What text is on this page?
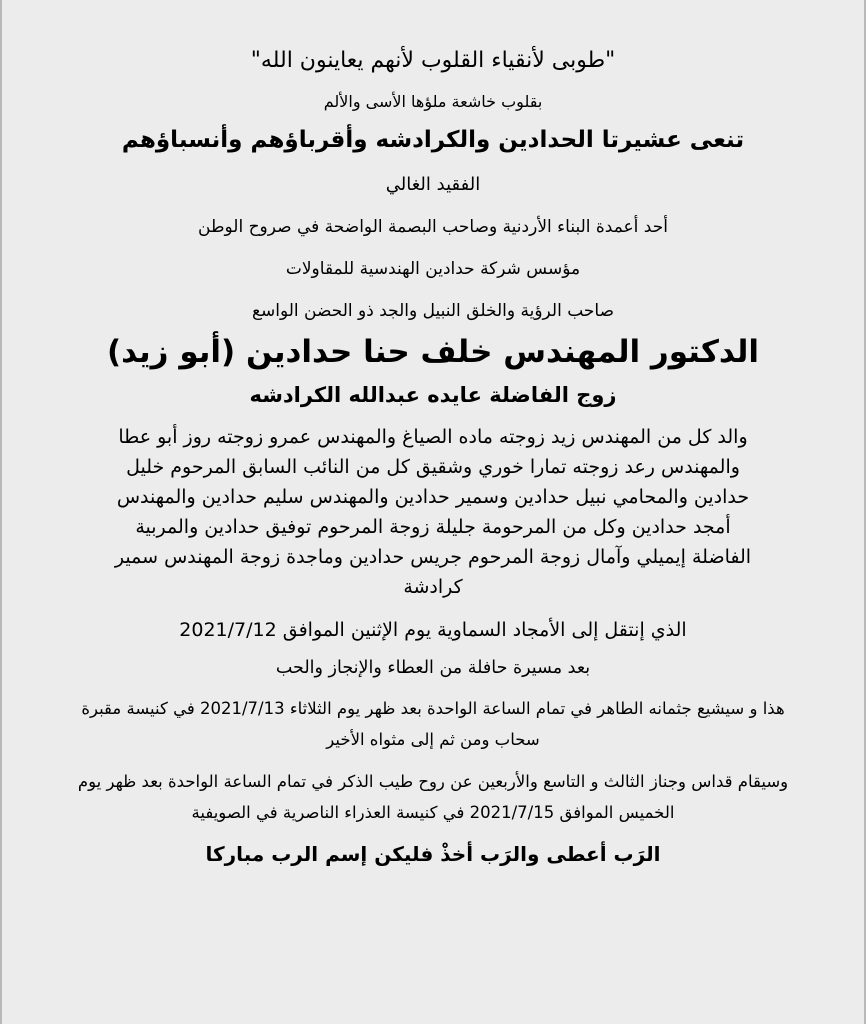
"طوبى لأنقياء القلوب لأنهم يعاينون الله"
بقلوب خاشعة ملؤها الأسى والألم
تنعى عشيرتا الحدادين والكرادشه وأقرباؤهم وأنسباؤهم
الفقيد الغالي
أحد أعمدة البناء الأردنية وصاحب البصمة الواضحة في صروح الوطن
مؤسس شركة حدادين الهندسية للمقاولات
صاحب الرؤية والخلق النبيل والجد ذو الحضن الواسع
الدكتور المهندس خلف حنا حدادين (أبو زيد)
زوج الفاضلة عايده عبدالله الكرادشه
والد كل من المهندس زيد زوجته ماده الصياغ والمهندس عمرو زوجته روز أبو عطا والمهندس رعد زوجته تمارا خوري وشقيق كل من النائب السابق المرحوم خليل حدادين والمحامي نبيل حدادين وسمير حدادين والمهندس سليم حدادين والمهندس أمجد حدادين وكل من المرحومة جليلة زوجة المرحوم توفيق حدادين والمربية الفاضلة إيميلي وآمال زوجة المرحوم جريس حدادين وماجدة زوجة المهندس سمير كرادشة
الذي إنتقل إلى الأمجاد السماوية يوم الإثنين الموافق 2021/7/12
بعد مسيرة حافلة من العطاء والإنجاز والحب
هذا و سيشيع جثمانه الطاهر في تمام الساعة الواحدة بعد ظهر يوم الثلاثاء 2021/7/13 في كنيسة مقبرة سحاب ومن ثم إلى مثواه الأخير
وسيقام قداس وجناز الثالث و التاسع والأربعين عن روح طيب الذكر في تمام الساعة الواحدة بعد ظهر يوم الخميس الموافق 2021/7/15 في كنيسة العذراء الناصرية في الصويفية
الرَب أعطى والرَب أخذْ فليكن إسم الرب مباركا
